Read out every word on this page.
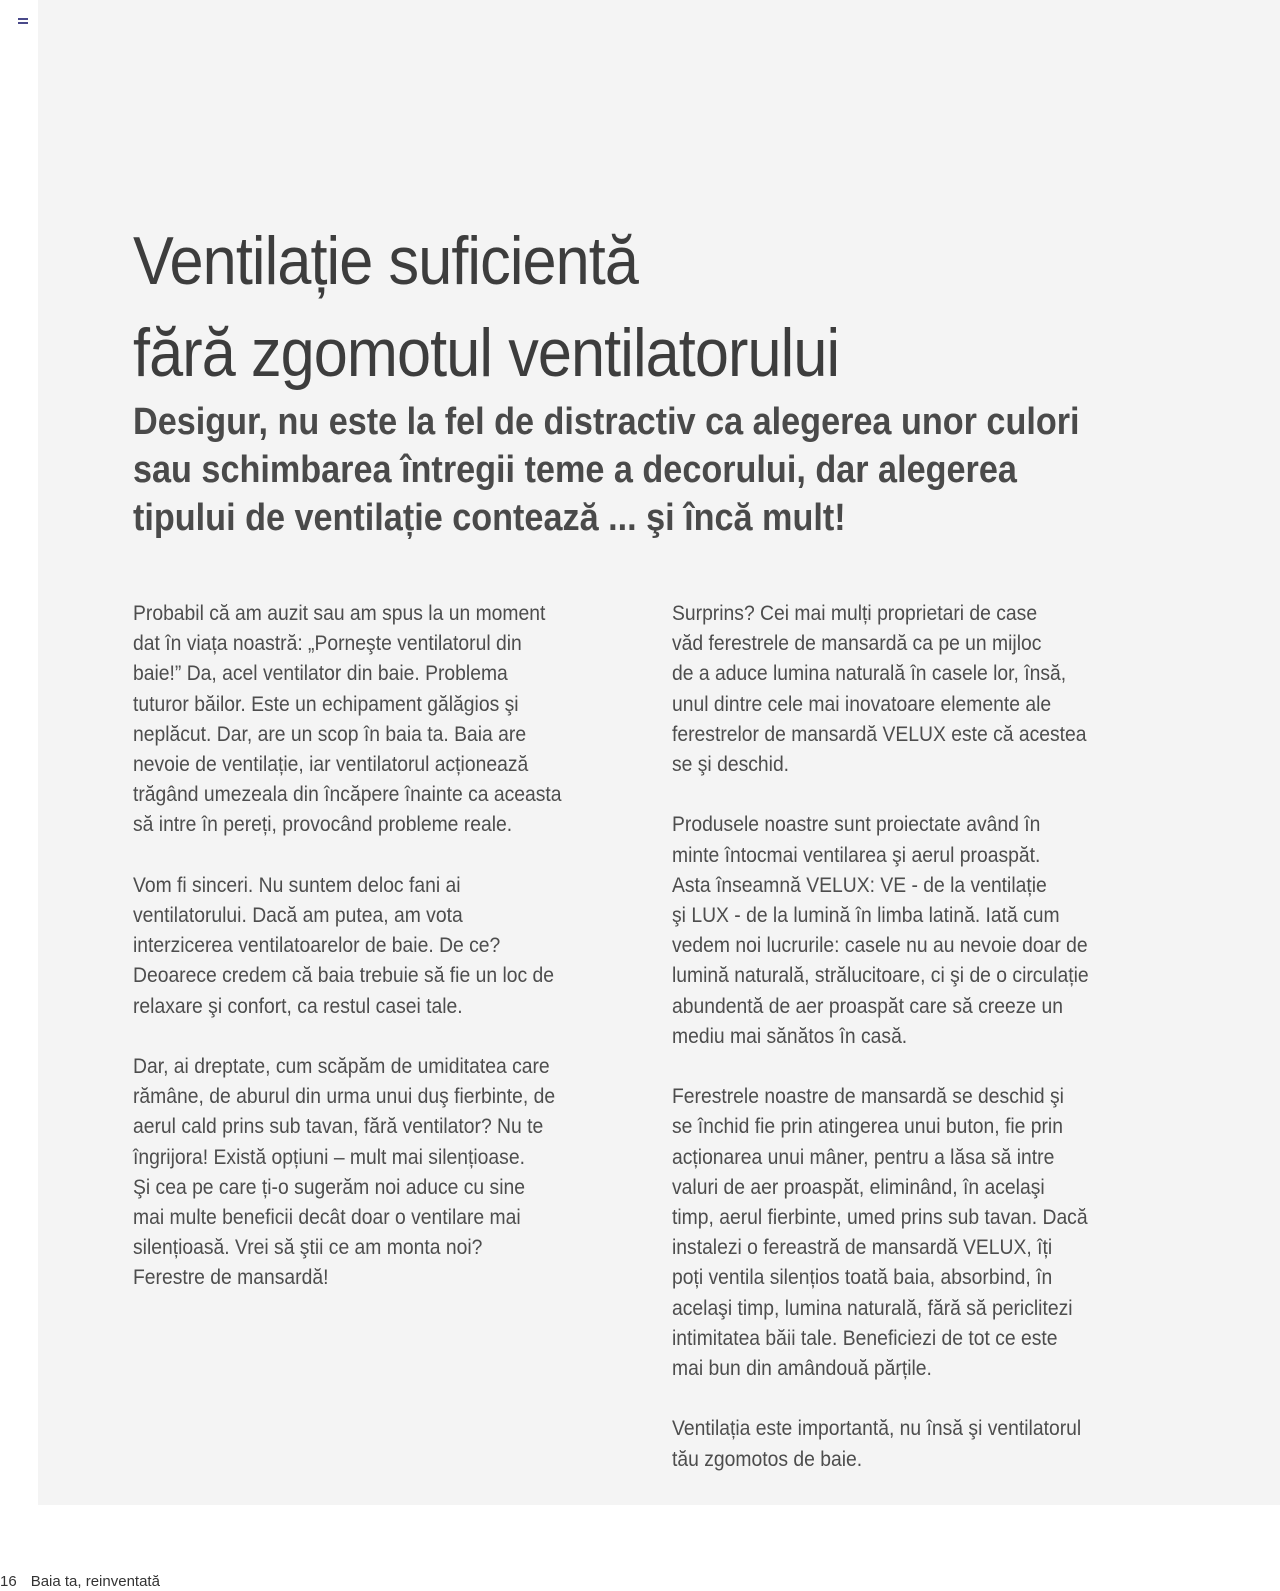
Ventilație suficientă
fără zgomotul ventilatorului
Desigur, nu este la fel de distractiv ca alegerea unor culori
sau schimbarea întregii teme a decorului, dar alegerea
tipului de ventilație contează ... şi încă mult!

Probabil că am auzit sau am spus la un moment
dat în viața noastră: „Porneşte ventilatorul din
baie!” Da, acel ventilator din baie. Problema
tuturor băilor. Este un echipament gălăgios şi
neplăcut. Dar, are un scop în baia ta. Baia are
nevoie de ventilație, iar ventilatorul acționează
trăgând umezeala din încăpere înainte ca aceasta
să intre în pereți, provocând probleme reale.

Vom fi sinceri. Nu suntem deloc fani ai
ventilatorului. Dacă am putea, am vota
interzicerea ventilatoarelor de baie. De ce?
Deoarece credem că baia trebuie să fie un loc de
relaxare şi confort, ca restul casei tale.

Dar, ai dreptate, cum scăpăm de umiditatea care
rămâne, de aburul din urma unui duş fierbinte, de
aerul cald prins sub tavan, fără ventilator? Nu te
îngrijora! Există opțiuni – mult mai silențioase.
Şi cea pe care ți-o sugerăm noi aduce cu sine
mai multe beneficii decât doar o ventilare mai
silențioasă. Vrei să ştii ce am monta noi?
Ferestre de mansardă!

Surprins? Cei mai mulți proprietari de case
văd ferestrele de mansardă ca pe un mijloc
de a aduce lumina naturală în casele lor, însă,
unul dintre cele mai inovatoare elemente ale
ferestrelor de mansardă VELUX este că acestea
se şi deschid.

Produsele noastre sunt proiectate având în
minte întocmai ventilarea şi aerul proaspăt.
Asta înseamnă VELUX: VE - de la ventilație
şi LUX - de la lumină în limba latină. Iată cum
vedem noi lucrurile: casele nu au nevoie doar de
lumină naturală, strălucitoare, ci şi de o circulație
abundentă de aer proaspăt care să creeze un
mediu mai sănătos în casă.

Ferestrele noastre de mansardă se deschid şi
se închid fie prin atingerea unui buton, fie prin
acționarea unui mâner, pentru a lăsa să intre
valuri de aer proaspăt, eliminând, în acelaşi
timp, aerul fierbinte, umed prins sub tavan. Dacă
instalezi o fereastră de mansardă VELUX, îți
poți ventila silențios toată baia, absorbind, în
acelaşi timp, lumina naturală, fără să periclitezi
intimitatea băii tale. Beneficiezi de tot ce este
mai bun din amândouă părțile.

Ventilația este importantă, nu însă şi ventilatorul
tău zgomotos de baie.

16 Baia ta, reinventată
